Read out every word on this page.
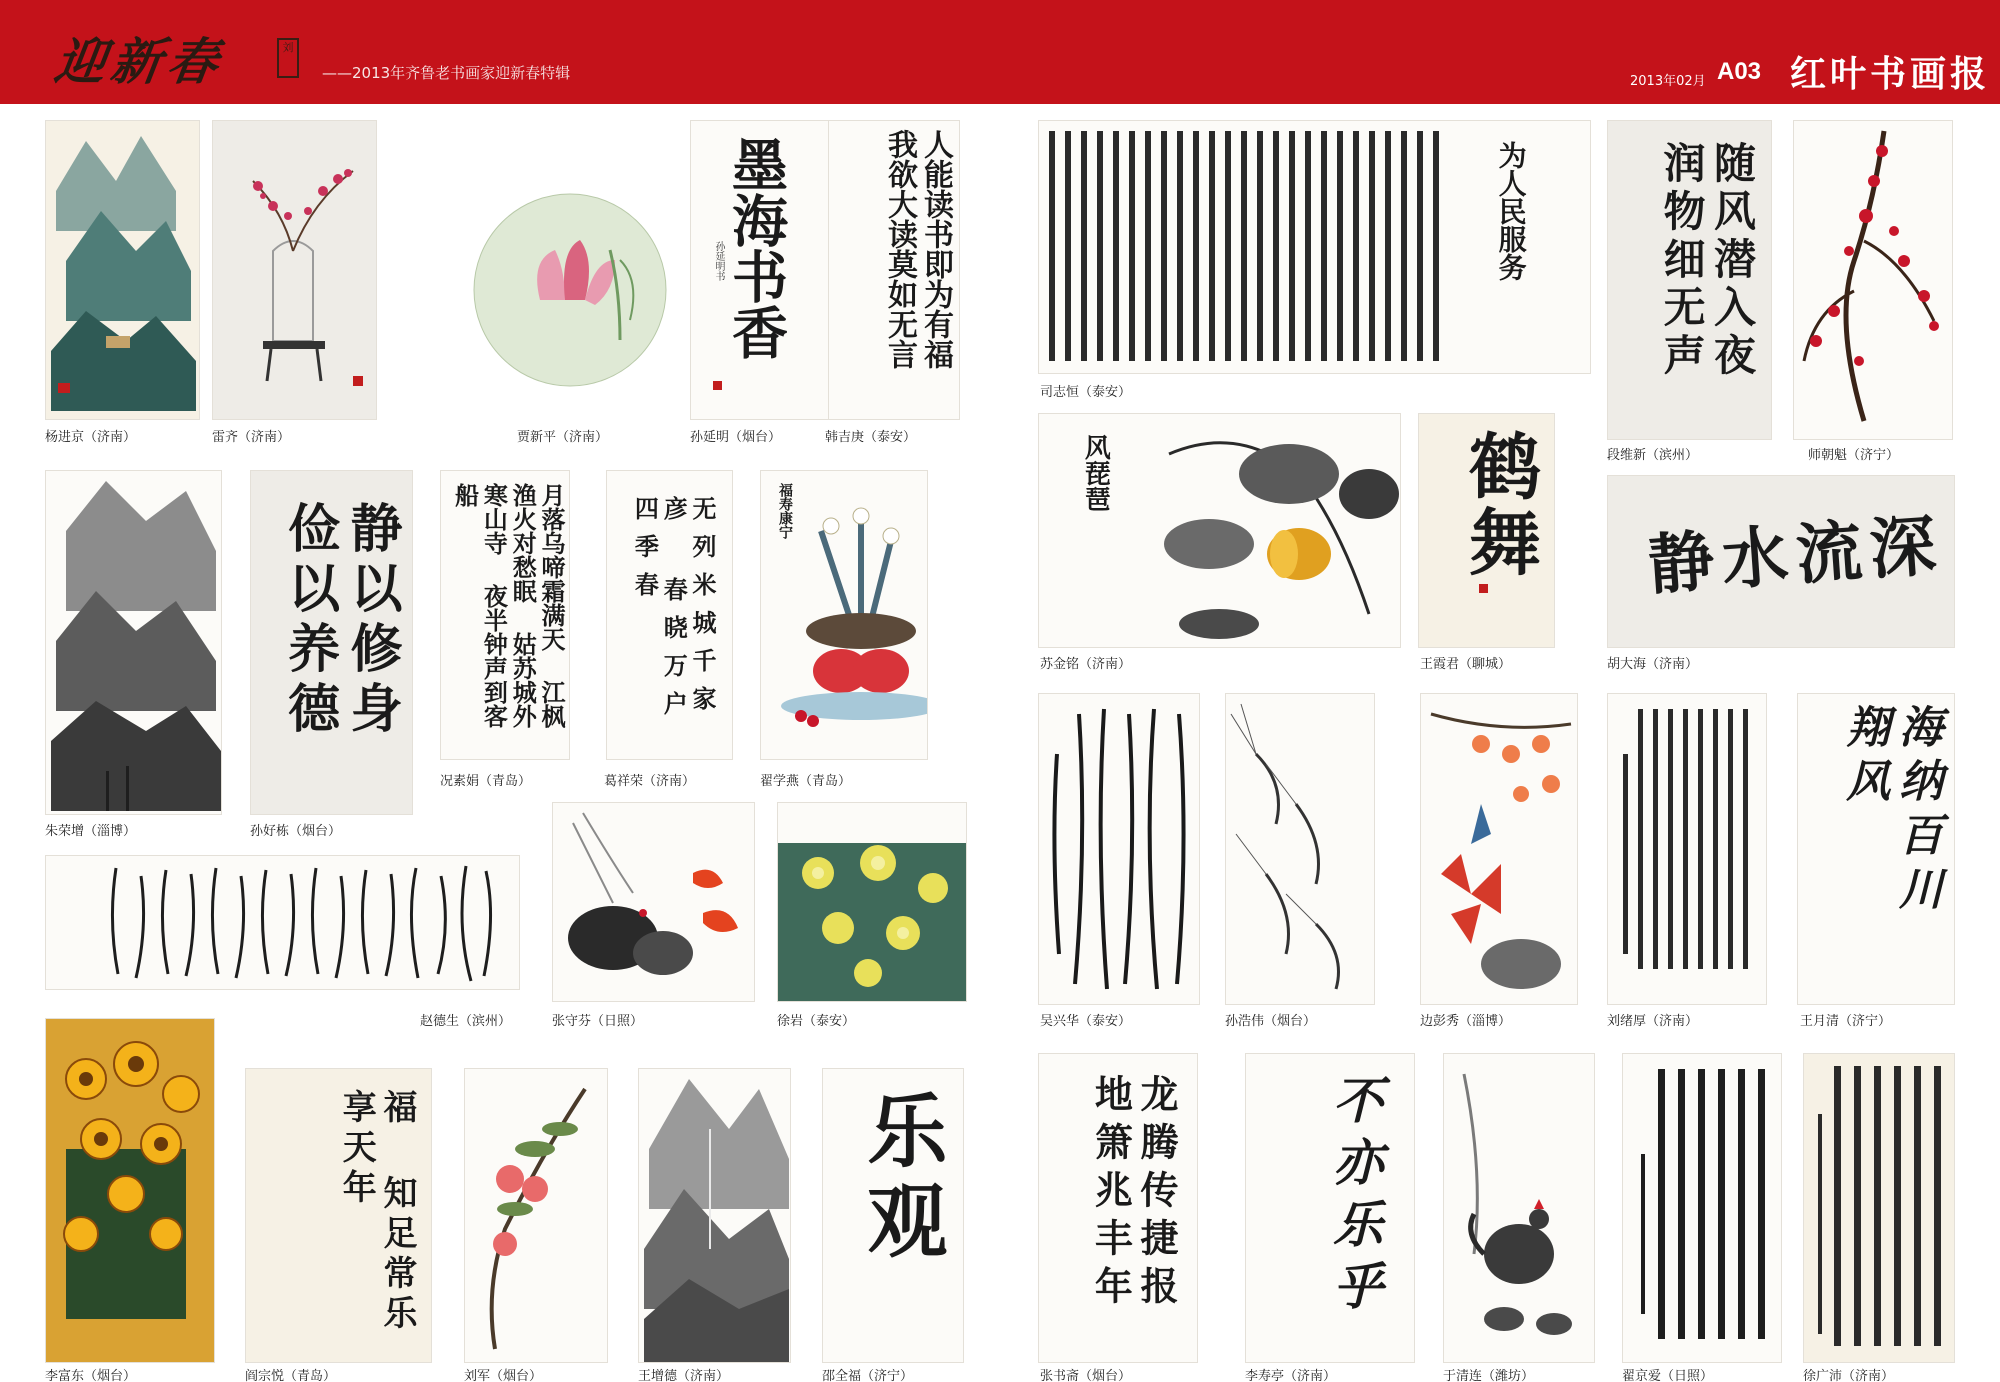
迎新春	刘
——2013年齐鲁老书画家迎新春特辑	2013年02月 A03 红叶书画报
杨进京（济南）	雷齐（济南）	贾新平（济南）
墨海书香
孙延明书
孙延明（烟台）
人能读书即为有福 我欲大读莫如无言
韩吉庚（泰安）
为人民服务
司志恒（泰安）
随风潜入夜 润物细无声
段维新（滨州）	师朝魁（济宁）
朱荣增（淄博）
静以修身 俭以养德
孙好栋（烟台）
月落乌啼霜满天 江枫渔火对愁眠 姑苏城外寒山寺 夜半钟声到客船
况素娟（青岛）
无列米城千家彦 春晓万户四季春
葛祥荣（济南）
福寿康宁
翟学燕（青岛）
风琵琶
苏金铭（济南）
鹤舞
王霞君（聊城）
静水流深
胡大海（济南）
赵德生（滨州）	张守芬（日照）	徐岩（泰安）	吴兴华（泰安）	孙浩伟（烟台）	边彭秀（淄博）	刘绪厚（济南）
海纳百川 翔风
王月清（济宁）
李富东（烟台）
福 知足常乐享天年
阎宗悦（青岛）	刘军（烟台）	王增德（济南）
乐观
邵全福（济宁）
龙腾传捷报 地箫兆丰年
张书斋（烟台）
不亦乐乎
李寿亭（济南）	于清连（潍坊）	翟京爱（日照）	徐广沛（济南）
